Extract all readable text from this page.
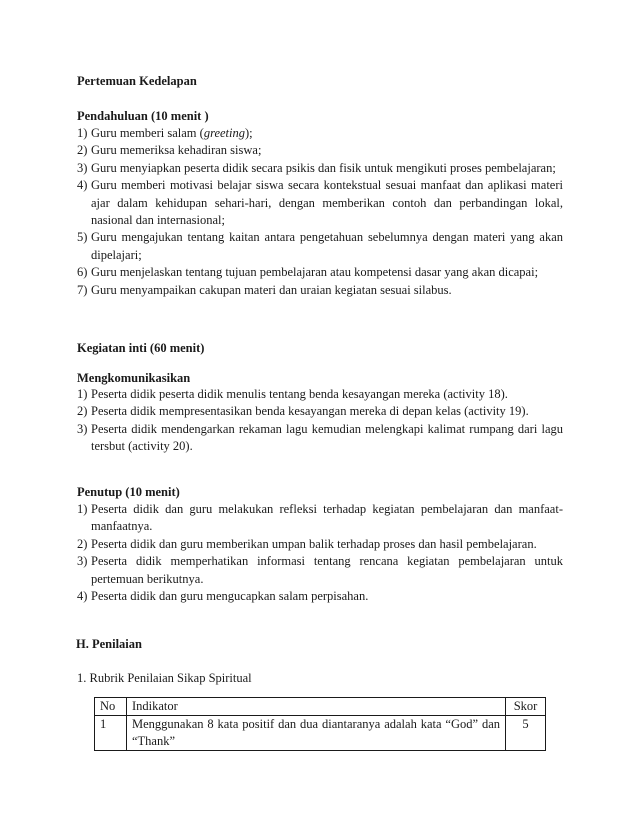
Pertemuan Kedelapan

Pendahuluan (10 menit )

1) Guru memberi salam (greeting);
2) Guru memeriksa kehadiran siswa;
3) Guru menyiapkan peserta didik secara psikis dan fisik untuk mengikuti proses pembelajaran;
4) Guru memberi motivasi belajar siswa secara kontekstual sesuai manfaat dan aplikasi materi ajar dalam kehidupan sehari-hari, dengan memberikan contoh dan perbandingan lokal, nasional dan internasional;
5) Guru mengajukan tentang kaitan antara pengetahuan sebelumnya dengan materi yang akan dipelajari;
6) Guru menjelaskan tentang tujuan pembelajaran atau kompetensi dasar yang akan dicapai;
7) Guru menyampaikan cakupan materi dan uraian kegiatan sesuai silabus.

Kegiatan inti (60 menit)

Mengkomunikasikan

1) Peserta didik peserta didik menulis tentang benda kesayangan mereka (activity 18).
2) Peserta didik mempresentasikan benda kesayangan mereka di depan kelas (activity 19).
3) Peserta didik mendengarkan rekaman lagu kemudian melengkapi kalimat rumpang dari lagu tersbut (activity 20).

Penutup (10 menit)

1) Peserta didik dan guru melakukan refleksi terhadap kegiatan pembelajaran dan manfaat-manfaatnya.
2) Peserta didik dan guru memberikan umpan balik terhadap proses dan hasil pembelajaran.
3) Peserta didik memperhatikan informasi tentang rencana kegiatan pembelajaran untuk pertemuan berikutnya.
4) Peserta didik dan guru mengucapkan salam perpisahan.

H. Penilaian

1. Rubrik Penilaian Sikap Spiritual

No	Indikator	Skor
1	Menggunakan 8 kata positif dan dua diantaranya adalah kata “God” dan “Thank”	5
